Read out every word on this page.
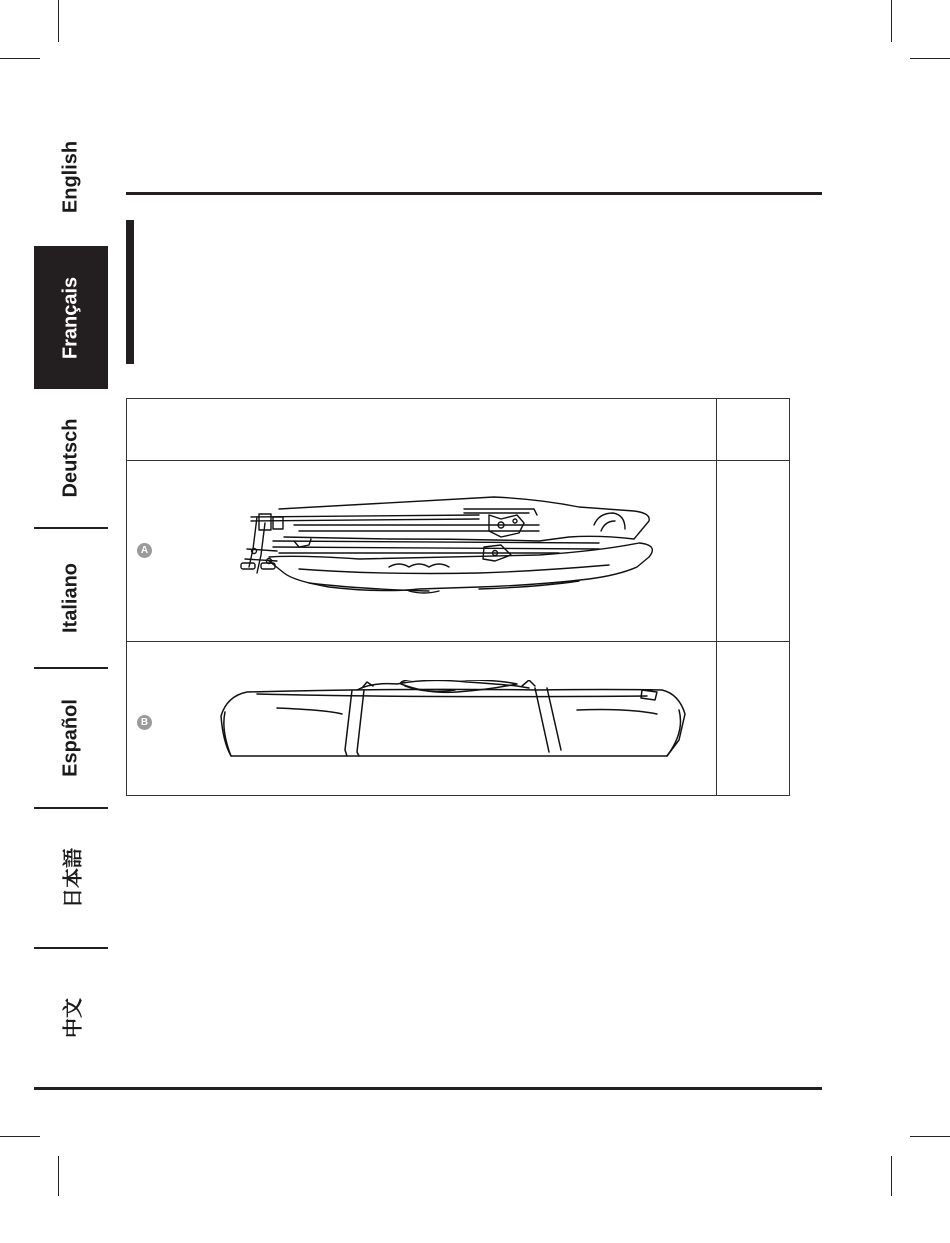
English
Français
Deutsch
Italiano
Español
日本語
中文

A	

B	
